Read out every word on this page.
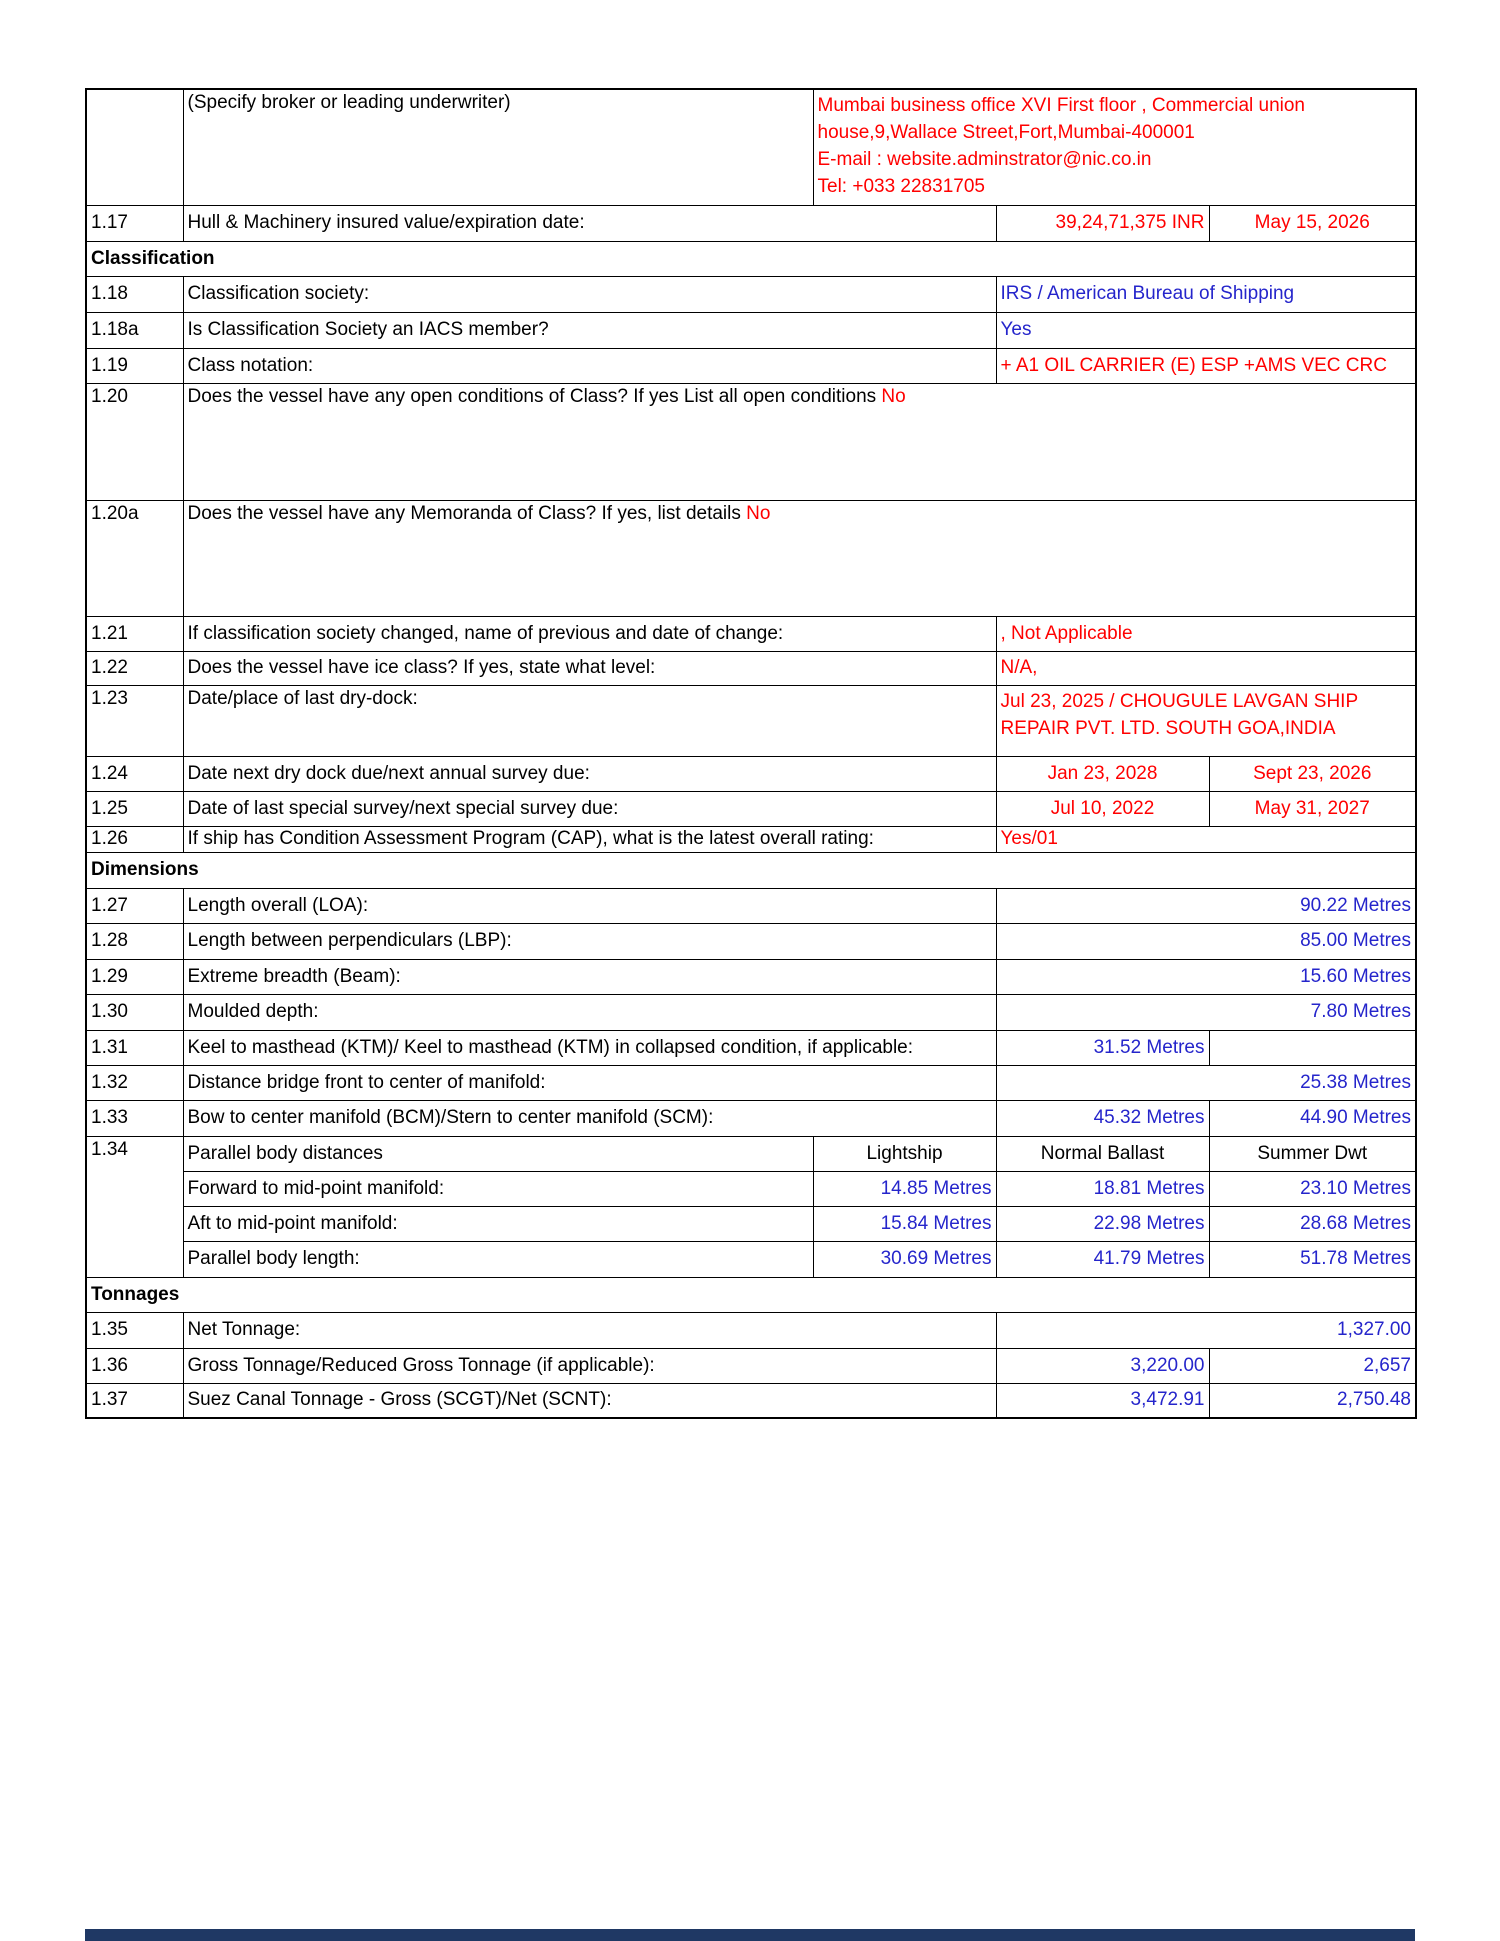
	(Specify broker or leading underwriter)	Mumbai business office XVI First floor , Commercial union
house,9,Wallace Street,Fort,Mumbai-400001
E-mail : website.adminstrator@nic.co.in
Tel: +033 22831705		

1.17	Hull & Machinery insured value/expiration date:		39,24,71,375 INR	May 15, 2026
Classification				
1.18	Classification society:		IRS / American Bureau of Shipping	
1.18a	Is Classification Society an IACS member?		Yes	
1.19	Class notation:		+ A1 OIL CARRIER (E) ESP +AMS VEC CRC	
1.20	Does the vessel have any open conditions of Class? If yes List all open conditions No			
1.20a	Does the vessel have any Memoranda of Class? If yes, list details No			
1.21	If classification society changed, name of previous and date of change:		, Not Applicable	
1.22	Does the vessel have ice class? If yes, state what level:		N/A,	
1.23	Date/place of last dry-dock:		Jul 23, 2025 / CHOUGULE LAVGAN SHIP
REPAIR PVT. LTD. SOUTH GOA,INDIA	

1.24	Date next dry dock due/next annual survey due:		Jan 23, 2028	Sept 23, 2026
1.25	Date of last special survey/next special survey due:		Jul 10, 2022	May 31, 2027
1.26	If ship has Condition Assessment Program (CAP), what is the latest overall rating:		Yes/01	
Dimensions				
1.27	Length overall (LOA):		90.22 Metres	
1.28	Length between perpendiculars (LBP):		85.00 Metres	
1.29	Extreme breadth (Beam):		15.60 Metres	
1.30	Moulded depth:		7.80 Metres	
1.31	Keel to masthead (KTM)/ Keel to masthead (KTM) in collapsed condition, if applicable:		31.52 Metres	
1.32	Distance bridge front to center of manifold:		25.38 Metres	
1.33	Bow to center manifold (BCM)/Stern to center manifold (SCM):		45.32 Metres	44.90 Metres
1.34	Parallel body distances	Lightship	Normal Ballast	Summer Dwt
	Forward to mid-point manifold:	14.85 Metres	18.81 Metres	23.10 Metres
	Aft to mid-point manifold:	15.84 Metres	22.98 Metres	28.68 Metres
	Parallel body length:	30.69 Metres	41.79 Metres	51.78 Metres
Tonnages				
1.35	Net Tonnage:		1,327.00	
1.36	Gross Tonnage/Reduced Gross Tonnage (if applicable):		3,220.00	2,657
1.37	Suez Canal Tonnage - Gross (SCGT)/Net (SCNT):		3,472.91	2,750.48
